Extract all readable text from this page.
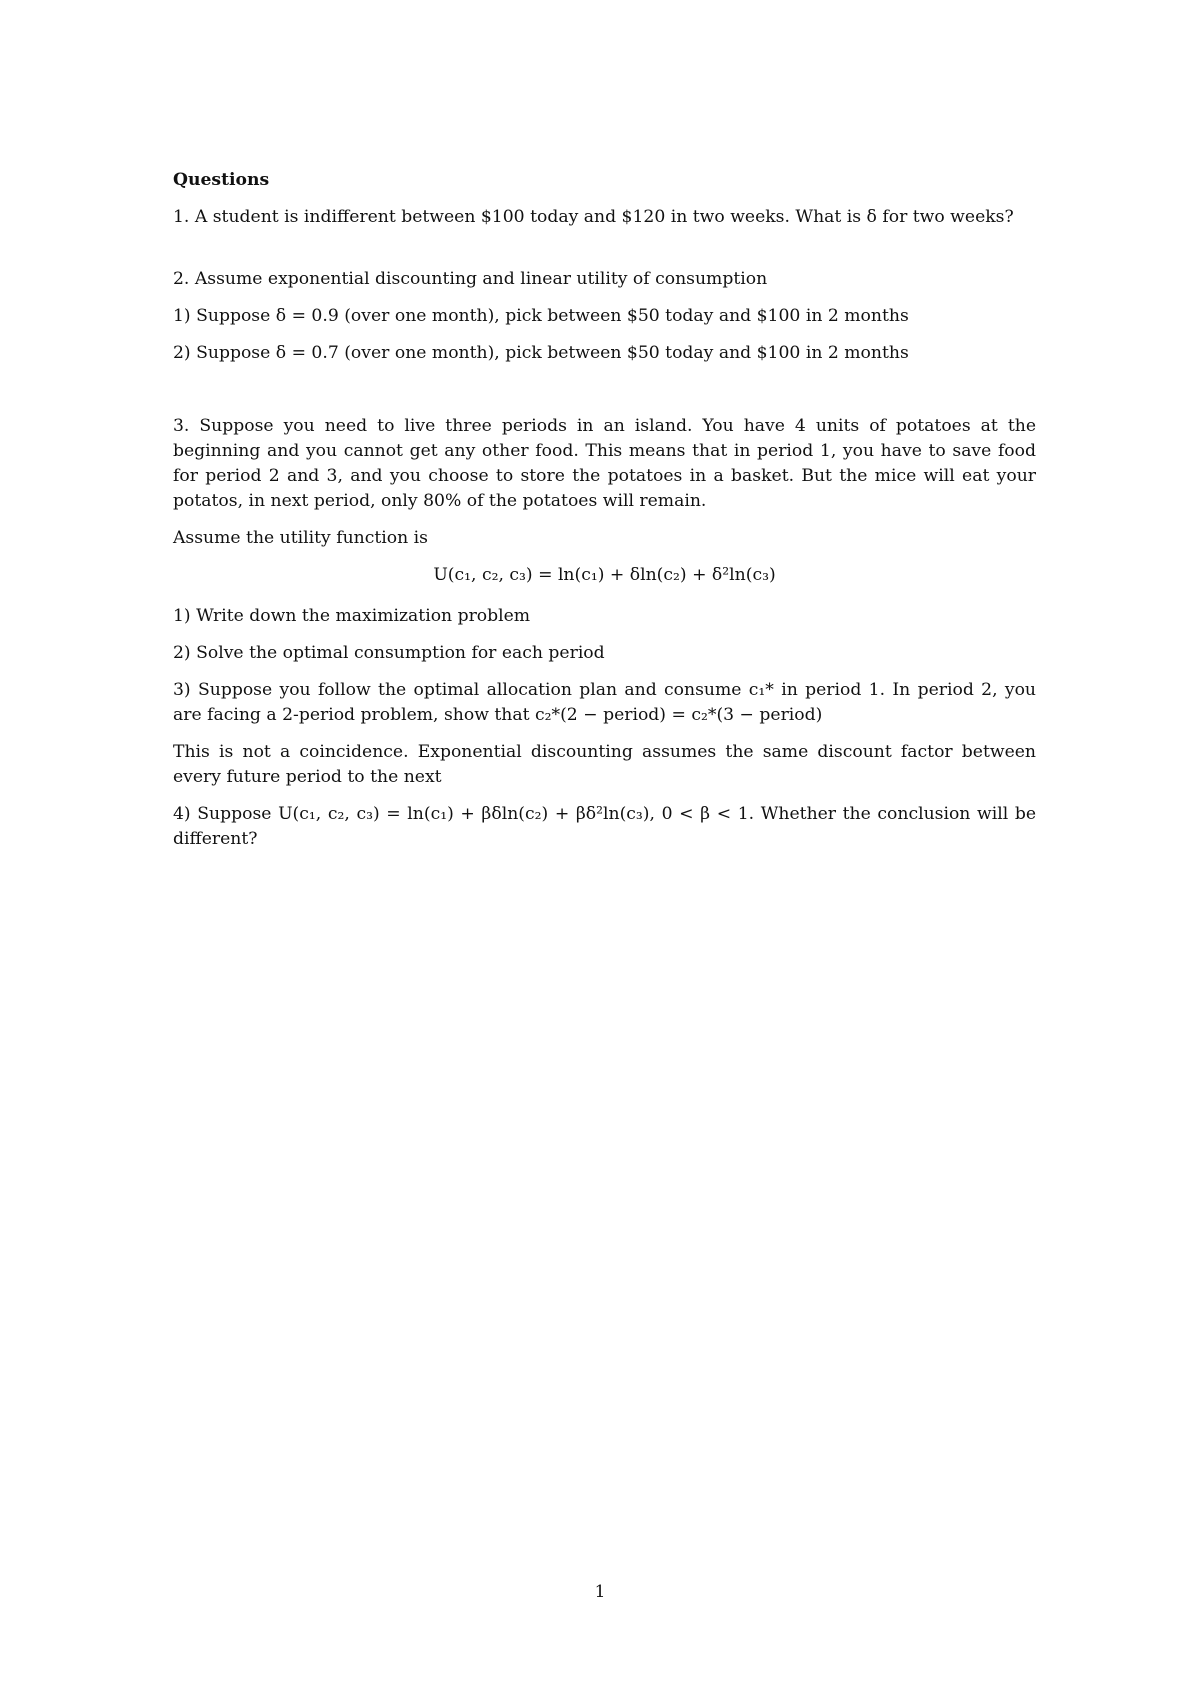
Questions
1. A student is indifferent between $100 today and $120 in two weeks. What is δ for two weeks?
2. Assume exponential discounting and linear utility of consumption
1) Suppose δ = 0.9 (over one month), pick between $50 today and $100 in 2 months
2) Suppose δ = 0.7 (over one month), pick between $50 today and $100 in 2 months
3. Suppose you need to live three periods in an island. You have 4 units of potatoes at the beginning and you cannot get any other food. This means that in period 1, you have to save food for period 2 and 3, and you choose to store the potatoes in a basket. But the mice will eat your potatos, in next period, only 80% of the potatoes will remain.
Assume the utility function is
U(c₁, c₂, c₃) = ln(c₁) + δln(c₂) + δ²ln(c₃)
1) Write down the maximization problem
2) Solve the optimal consumption for each period
3) Suppose you follow the optimal allocation plan and consume c₁* in period 1. In period 2, you are facing a 2-period problem, show that c₂*(2 − period) = c₂*(3 − period)
This is not a coincidence. Exponential discounting assumes the same discount factor between every future period to the next
4) Suppose U(c₁, c₂, c₃) = ln(c₁) + βδln(c₂) + βδ²ln(c₃), 0 < β < 1. Whether the conclusion will be different?
1
